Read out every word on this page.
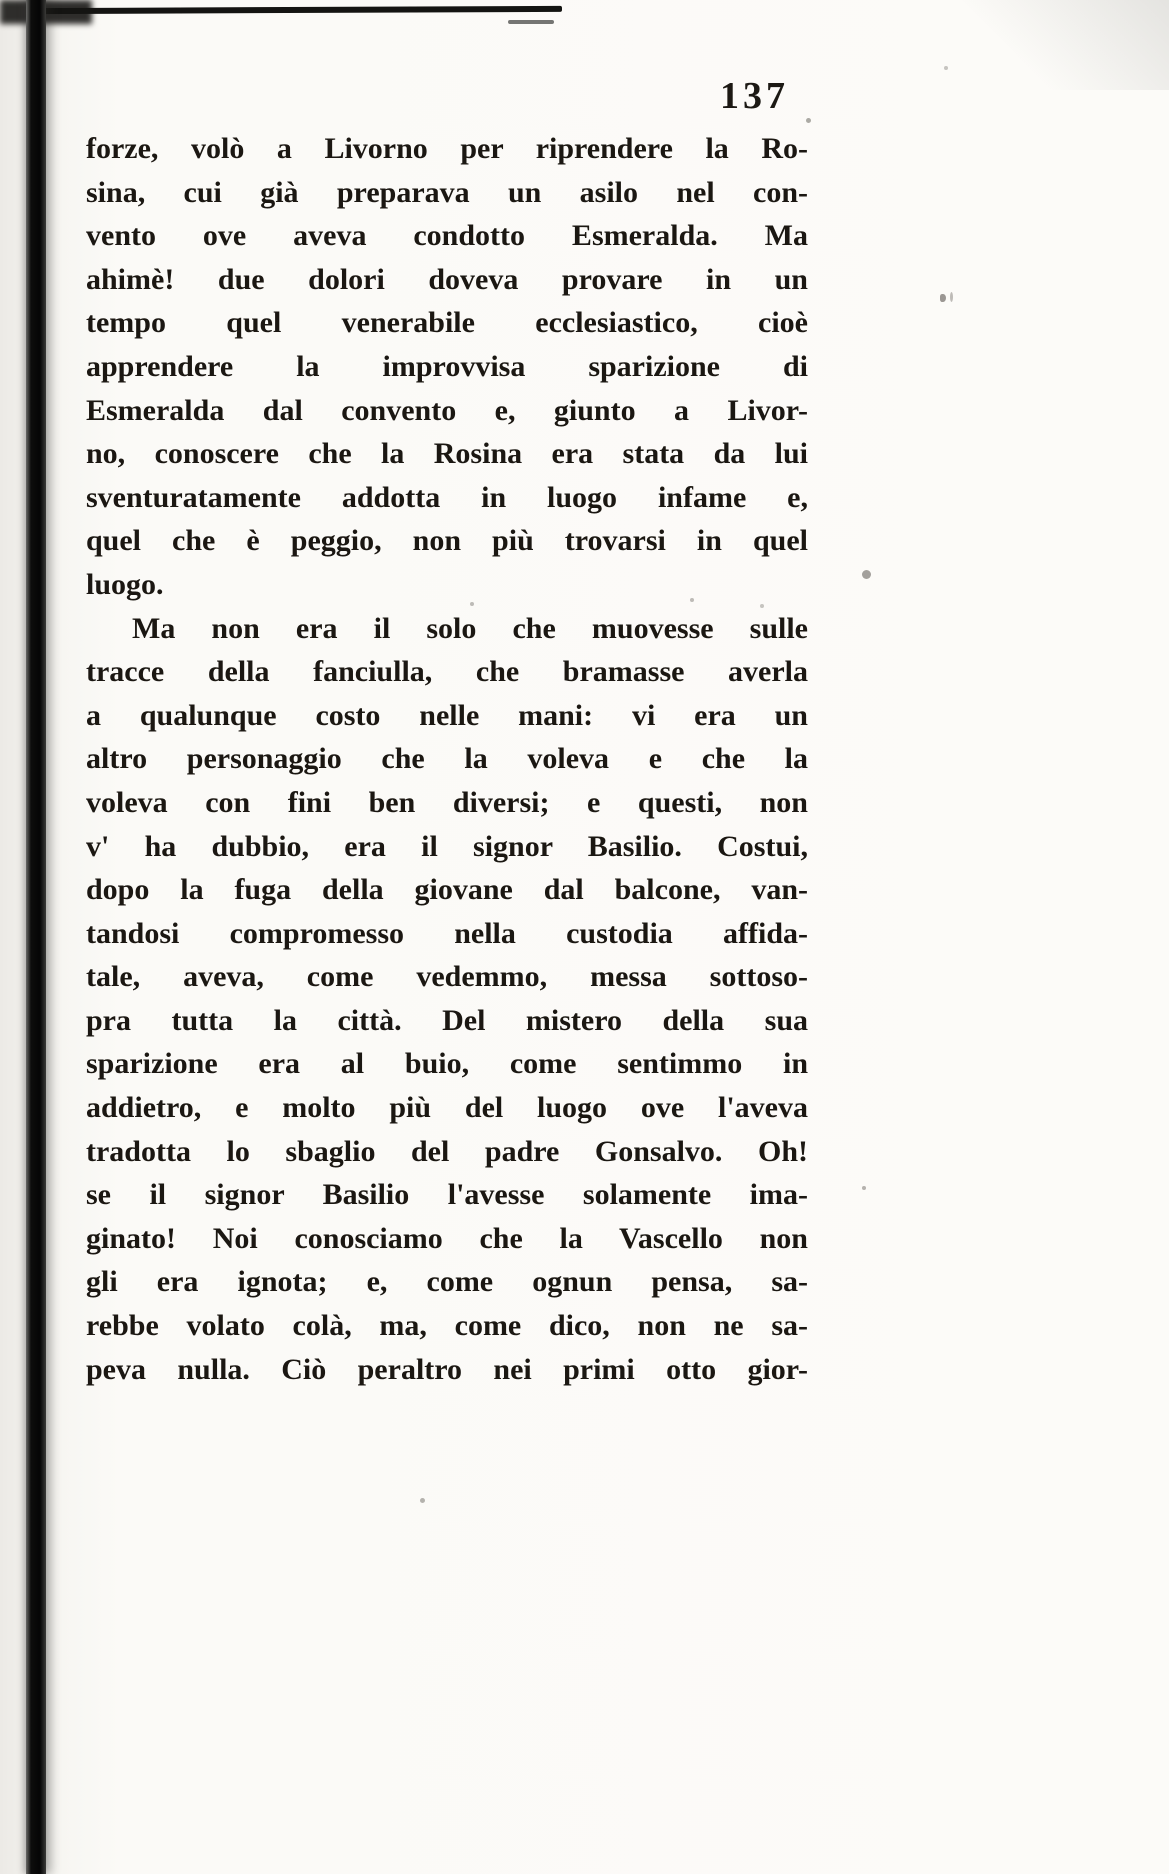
137
forze, volò a Livorno per riprendere la Ro-
sina, cui già preparava un asilo nel con-
vento ove aveva condotto Esmeralda. Ma
ahimè! due dolori doveva provare in un
tempo quel venerabile ecclesiastico, cioè
apprendere la improvvisa sparizione di
Esmeralda dal convento e, giunto a Livor-
no, conoscere che la Rosina era stata da lui
sventuratamente addotta in luogo infame e,
quel che è peggio, non più trovarsi in quel
luogo.
Ma non era il solo che muovesse sulle
tracce della fanciulla, che bramasse averla
a qualunque costo nelle mani: vi era un
altro personaggio che la voleva e che la
voleva con fini ben diversi; e questi, non
v' ha dubbio, era il signor Basilio. Costui,
dopo la fuga della giovane dal balcone, van-
tandosi compromesso nella custodia affida-
tale, aveva, come vedemmo, messa sottoso-
pra tutta la città. Del mistero della sua
sparizione era al buio, come sentimmo in
addietro, e molto più del luogo ove l'aveva
tradotta lo sbaglio del padre Gonsalvo. Oh!
se il signor Basilio l'avesse solamente ima-
ginato! Noi conosciamo che la Vascello non
gli era ignota; e, come ognun pensa, sa-
rebbe volato colà, ma, come dico, non ne sa-
peva nulla. Ciò peraltro nei primi otto gior-
